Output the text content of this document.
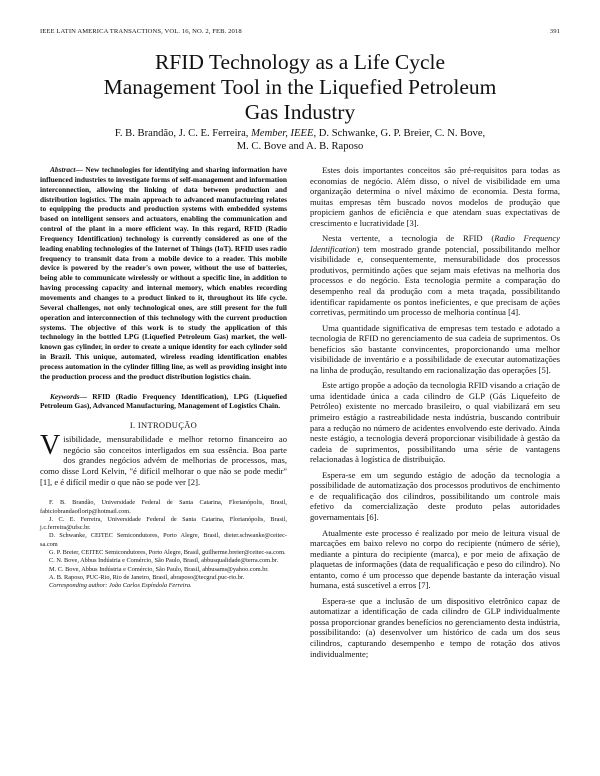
IEEE LATIN AMERICA TRANSACTIONS, VOL. 16, NO. 2, FEB. 2018	391
RFID Technology as a Life Cycle
Management Tool in the Liquefied Petroleum
Gas Industry
F. B. Brandão, J. C. E. Ferreira, Member, IEEE, D. Schwanke, G. P. Breier, C. N. Bove,
M. C. Bove and A. B. Raposo

Abstract— New technologies for identifying and sharing information have influenced industries to investigate forms of self-management and information interconnection, allowing the linking of data between production and distribution logistics. The main approach to advanced manufacturing relates to equipping the products and production systems with embedded systems based on intelligent sensors and actuators, enabling the communication and control of the plant in a more efficient way. In this regard, RFID (Radio Frequency Identification) technology is currently considered as one of the leading enabling technologies of the Internet of Things (IoT). RFID uses radio frequency to transmit data from a mobile device to a reader. This mobile device is powered by the reader's own power, without the use of batteries, being able to communicate wirelessly or without a specific line, in addition to having processing capacity and internal memory, which enables recording movements and changes to a product linked to it, throughout its life cycle. Several challenges, not only technological ones, are still present for the full operation and interconnection of this technology with the current production systems. The objective of this work is to study the application of this technology in the bottled LPG (Liquefied Petroleum Gas) market, the well-known gas cylinder, in order to create a unique identity for each cylinder sold in Brazil. This unique, automated, wireless reading identification enables process automation in the cylinder filling line, as well as providing insight into the production process and the product distribution logistics chain.

Keywords— RFID (Radio Frequency Identification), LPG (Liquefied Petroleum Gas), Advanced Manufacturing, Management of Logistics Chain.

I. INTRODUÇÃO

Visibilidade, mensurabilidade e melhor retorno financeiro ao negócio são conceitos interligados em sua essência. Boa parte dos grandes negócios advém de melhorias de processos, mas, como disse Lord Kelvin, "é difícil melhorar o que não se pode medir" [1], e é difícil medir o que não se pode ver [2].

F. B. Brandão, Universidade Federal de Santa Catarina, Florianópolis, Brasil, fabiciobrandaoflorip@hotmail.com.

J. C. E. Ferreira, Universidade Federal de Santa Catarina, Florianópolis, Brasil, j.c.ferreira@ufsc.br.

D. Schwanke, CEITEC Semicondutores, Porto Alegre, Brasil, dieter.schwanke@ceitec-sa.com

G. P. Breier, CEITEC Semicondutores, Porto Alegre, Brasil, guilherme.breier@ceitec-sa.com.

C. N. Bove, Abbus Indústria e Comércio, São Paulo, Brasil, abbusqualidade@terra.com.br.

M. C. Bove, Abbus Indústria e Comércio, São Paulo, Brasil, abbusams@yahoo.com.br.

A. B. Raposo, PUC-Rio, Rio de Janeiro, Brasil, abraposo@tecgraf.puc-rio.br.

Corresponding author: João Carlos Espíndola Ferreira.

Estes dois importantes conceitos são pré-requisitos para todas as economias de negócio. Além disso, o nível de visibilidade em uma organização determina o nível máximo de economia. Desta forma, muitas empresas têm buscado novos modelos de produção que propiciem ganhos de eficiência e que atendam suas expectativas de crescimento e lucratividade [3].

Nesta vertente, a tecnologia de RFID (Radio Frequency Identification) tem mostrado grande potencial, possibilitando melhor visibilidade e, consequentemente, mensurabilidade dos processos produtivos, permitindo ações que sejam mais efetivas na melhoria dos processos e do negócio. Esta tecnologia permite a comparação do desempenho real da produção com a meta traçada, possibilitando identificar rapidamente os pontos ineficientes, e que precisam de ações corretivas, permitindo um processo de melhoria contínua [4].

Uma quantidade significativa de empresas tem testado e adotado a tecnologia de RFID no gerenciamento de sua cadeia de suprimentos. Os benefícios são bastante convincentes, proporcionando uma melhor visibilidade de inventário e a possibilidade de executar automatizações na linha de produção, resultando em racionalização das operações [5].

Este artigo propõe a adoção da tecnologia RFID visando a criação de uma identidade única a cada cilindro de GLP (Gás Liquefeito de Petróleo) existente no mercado brasileiro, o qual viabilizará em seu primeiro estágio a rastreabilidade nesta indústria, buscando contribuir para a redução no número de acidentes envolvendo este derivado. Ainda neste estágio, a tecnologia deverá proporcionar visibilidade à gestão da cadeia de suprimentos, possibilitando uma série de vantagens relacionadas à logística de distribuição.

Espera-se em um segundo estágio de adoção da tecnologia a possibilidade de automatização dos processos produtivos de enchimento e de requalificação dos cilindros, possibilitando um controle mais efetivo da comercialização deste produto pelas autoridades governamentais [6].

Atualmente este processo é realizado por meio de leitura visual de marcações em baixo relevo no corpo do recipiente (número de série), mediante a pintura do recipiente (marca), e por meio de afixação de plaquetas de informações (data de requalificação e peso do cilindro). No entanto, como é um processo que depende bastante da interação visual humana, está suscetível a erros [7].

Espera-se que a inclusão de um dispositivo eletrônico capaz de automatizar a identificação de cada cilindro de GLP individualmente possa proporcionar grandes benefícios no gerenciamento desta indústria, possibilitando: (a) desenvolver um histórico de cada um dos seus cilindros, capturando desempenho e tempo de rotação dos ativos individualmente;
